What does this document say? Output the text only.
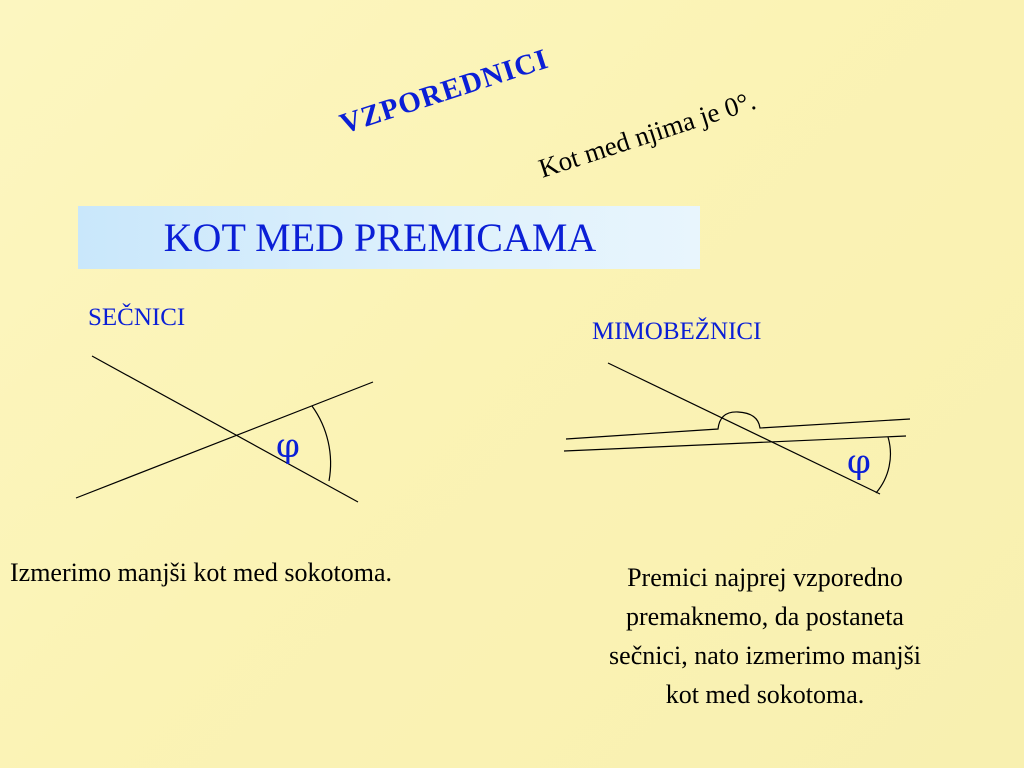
VZPOREDNICI
Kot med njima je 0°.
KOT MED PREMICAMA
SEČNICI
MIMOBEŽNICI
φ	φ
Izmerimo manjši kot med sokotoma.	Premici najprej vzporedno
premaknemo, da postaneta
sečnici, nato izmerimo manjši
kot med sokotoma.
